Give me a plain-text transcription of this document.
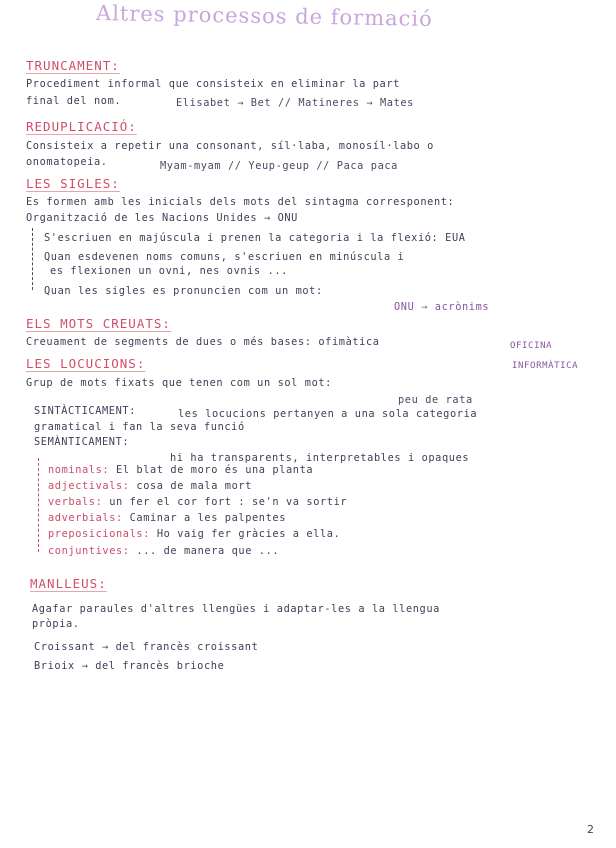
Altres processos de formació
TRUNCAMENT:
Procediment informal que consisteix en eliminar la part
final del nom.	Elisabet → Bet // Matineres → Mates
REDUPLICACIÓ:
Consisteix a repetir una consonant, síl·laba, monosíl·labo o
onomatopeia.	Myam-myam // Yeup-geup // Paca paca
LES SIGLES:
Es formen amb les inicials dels mots del sintagma corresponent:
Organització de les Nacions Unides → ONU
S'escriuen en majúscula i prenen la categoria i la flexió: EUA
Quan esdevenen noms comuns, s'escriuen en minúscula i
es flexionen un ovni, nes ovnis ...
Quan les sigles es pronuncien com un mot:
ONU → acrònims
ELS MOTS CREUATS:
Creuament de segments de dues o més bases: ofimàtica	OFICINA
INFORMÀTICA
LES LOCUCIONS:
Grup de mots fixats que tenen com un sol mot:
peu de rata
SINTÀCTICAMENT:	les locucions pertanyen a una sola categoria
gramatical i fan la seva funció
SEMÀNTICAMENT:
hi ha transparents, interpretables i opaques
nominals: El blat de moro és una planta
adjectivals: cosa de mala mort
verbals: un fer el cor fort : se'n va sortir
adverbials: Caminar a les palpentes
preposicionals: Ho vaig fer gràcies a ella.
conjuntives: ... de manera que ...
MANLLEUS:
Agafar paraules d'altres llengües i adaptar-les a la llengua
pròpia.
Croissant → del francès croissant
Brioix → del francès brioche
2
